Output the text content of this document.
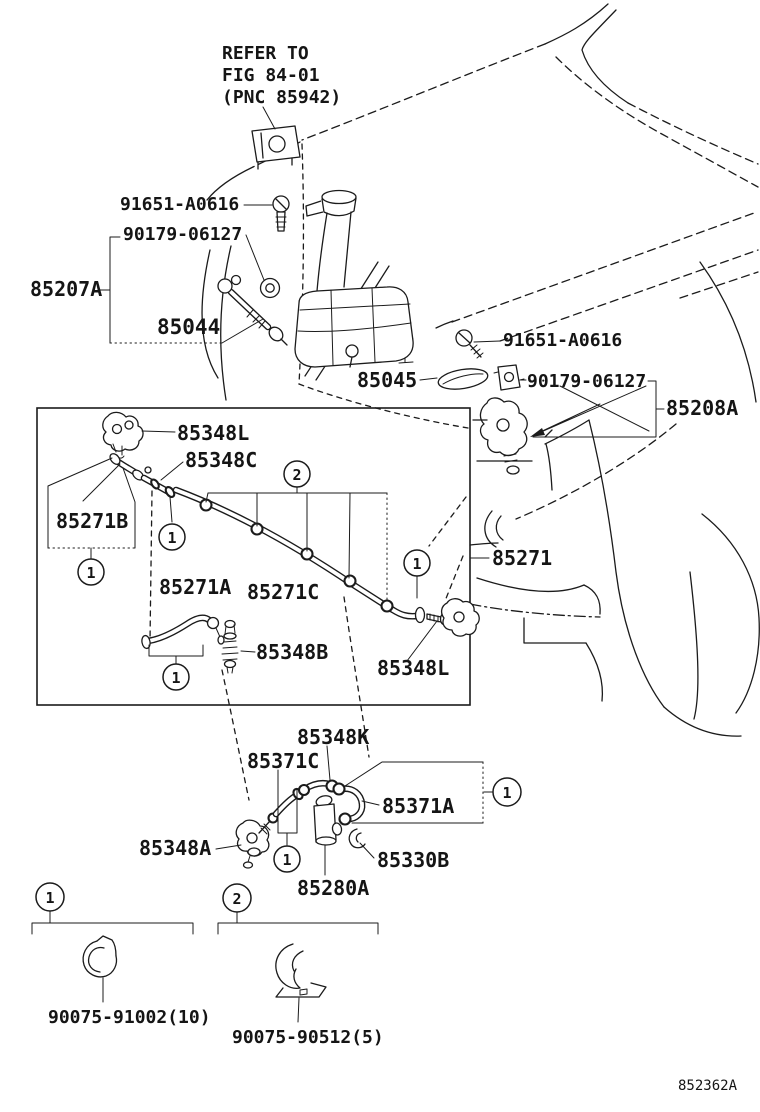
REFER TO
FIG 84-01
(PNC 85942)
91651-A0616
90179-06127
85207A
85044
85045
91651-A0616
90179-06127
85208A
85348L
85348C
85271B
85271A 85271C
85348B
85348L
85271
85348K
85371C
85371A
85348A	85330B
85280A
90075-91002(10)
90075-90512(5)
852362A
1
1
2
1
1
1
1
1	2
